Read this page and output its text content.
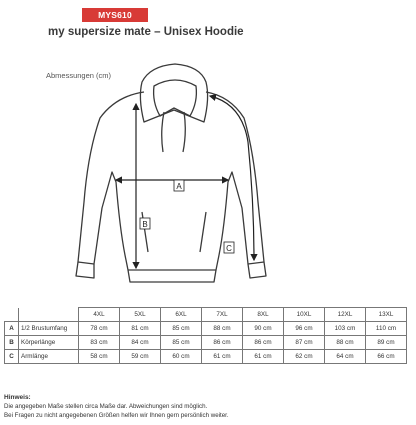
MYS610
my supersize mate – Unisex Hoodie
Abmessungen (cm)
A
B
C
		4XL	5XL	6XL	7XL	8XL	10XL	12XL	13XL
A	1/2 Brustumfang	78 cm	81 cm	85 cm	88 cm	90 cm	96 cm	103 cm	110 cm
B	Körperlänge	83 cm	84 cm	85 cm	86 cm	86 cm	87 cm	88 cm	89 cm
C	Armlänge	58 cm	59 cm	60 cm	61 cm	61 cm	62 cm	64 cm	66 cm
Hinweis:
Die angegeben Maße stellen circa Maße dar. Abweichungen sind möglich.
Bei Fragen zu nicht angegebenen Größen helfen wir Ihnen gern persönlich weiter.
